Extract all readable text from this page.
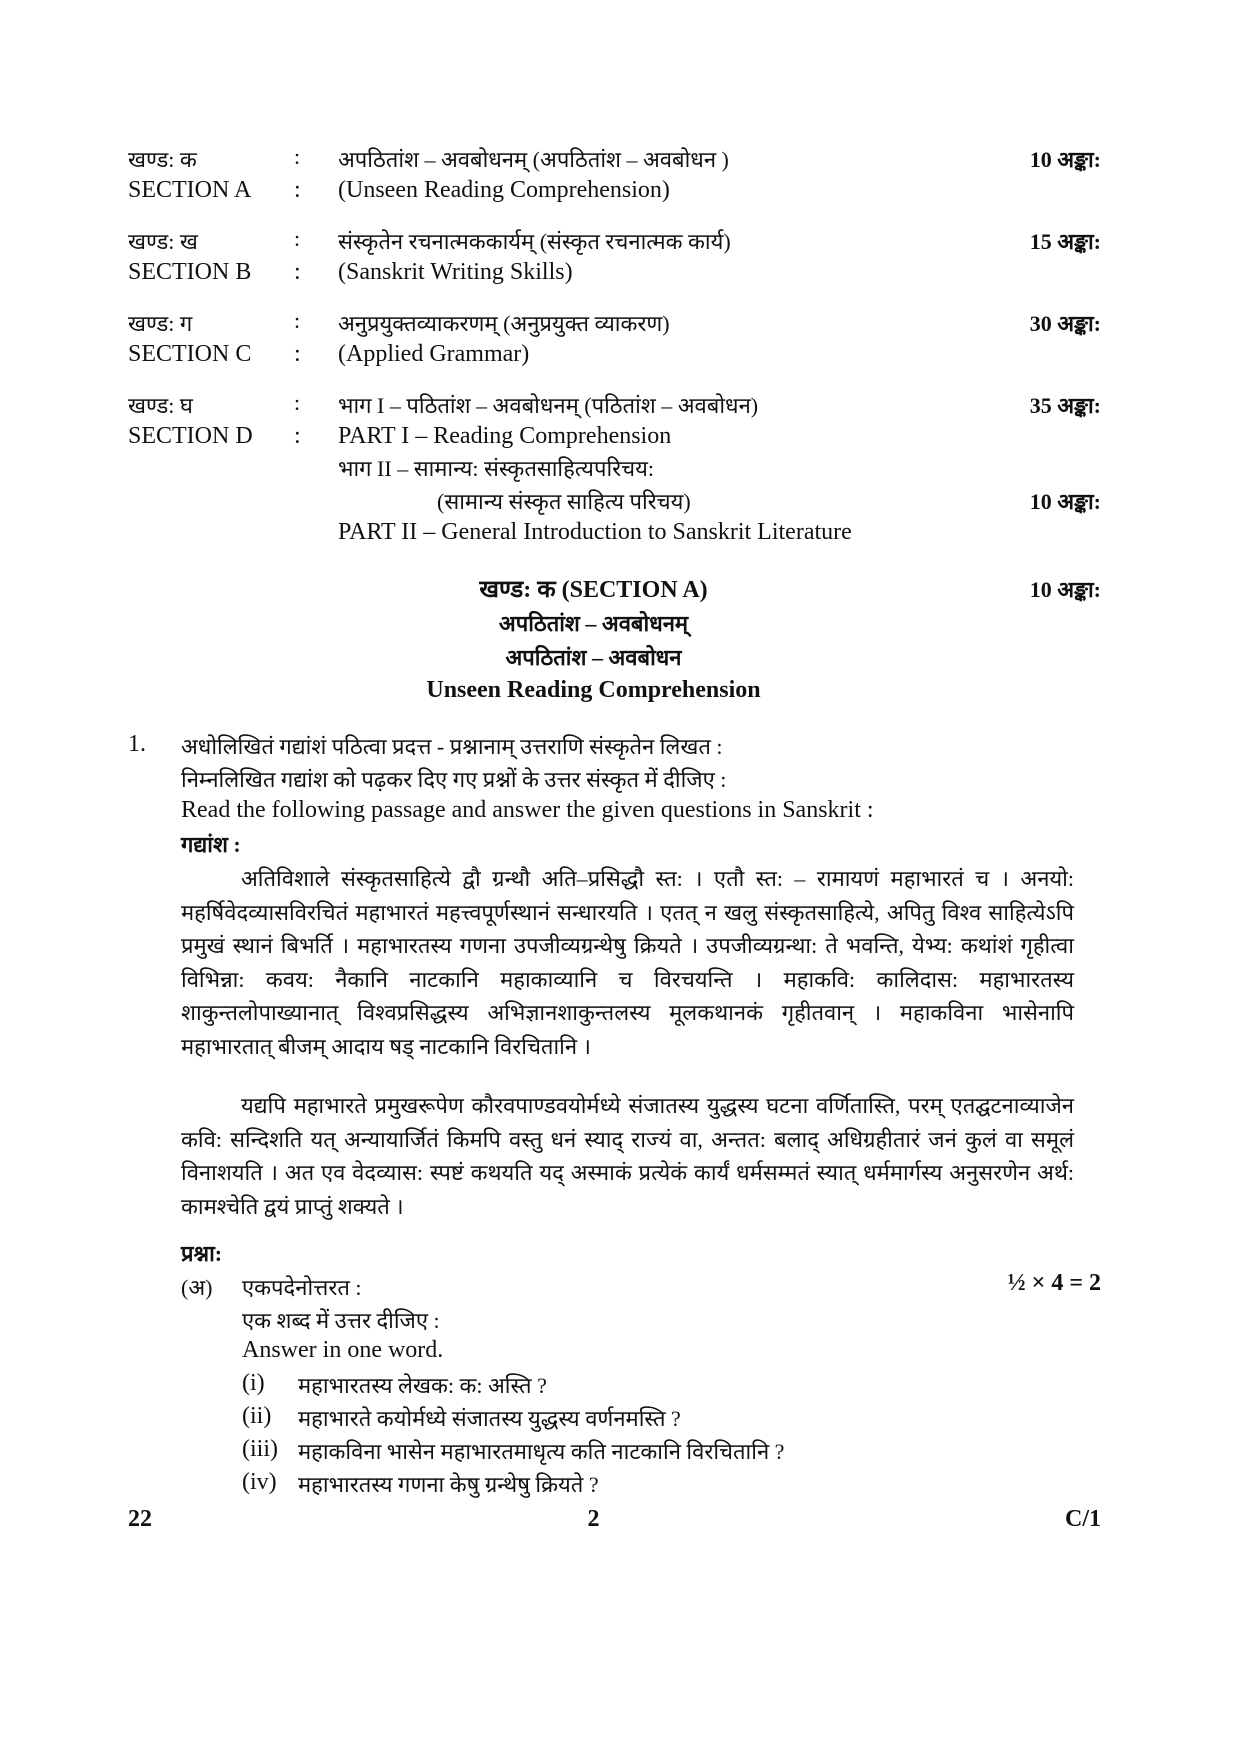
खण्ड: क	: अपठितांश – अवबोधनम् (अपठितांश – अवबोधन )	10 अङ्का:
SECTION A : (Unseen Reading Comprehension)
खण्ड: ख	: संस्कृतेन रचनात्मककार्यम् (संस्कृत रचनात्मक कार्य)	15 अङ्का:
SECTION B : (Sanskrit Writing Skills)
खण्ड: ग	: अनुप्रयुक्तव्याकरणम् (अनुप्रयुक्त व्याकरण)	30 अङ्का:
SECTION C : (Applied Grammar)
खण्ड: घ	: भाग I – पठितांश – अवबोधनम् (पठितांश – अवबोधन)	35 अङ्का:
SECTION D : PART I – Reading Comprehension
भाग II – सामान्य: संस्कृतसाहित्यपरिचय:
(सामान्य संस्कृत साहित्य परिचय)	10 अङ्का:
PART II – General Introduction to Sanskrit Literature
खण्ड: क (SECTION A)	10 अङ्का:
अपठितांश – अवबोधनम्
अपठितांश – अवबोधन
Unseen Reading Comprehension
1. अधोलिखितं गद्यांशं पठित्वा प्रदत्त - प्रश्नानाम् उत्तराणि संस्कृतेन लिखत :
निम्नलिखित गद्यांश को पढ़कर दिए गए प्रश्नों के उत्तर संस्कृत में दीजिए :
Read the following passage and answer the given questions in Sanskrit :
गद्यांश :
अतिविशाले संस्कृतसाहित्ये द्वौ ग्रन्थौ अति–प्रसिद्धौ स्त: । एतौ स्त: – रामायणं महाभारतं च । अनयो: महर्षिवेदव्यासविरचितं महाभारतं महत्त्वपूर्णस्थानं सन्धारयति । एतत् न खलु संस्कृतसाहित्ये, अपितु विश्व साहित्येऽपि प्रमुखं स्थानं बिभर्ति । महाभारतस्य गणना उपजीव्यग्रन्थेषु क्रियते । उपजीव्यग्रन्था: ते भवन्ति, येभ्य: कथांशं गृहीत्वा विभिन्ना: कवय: नैकानि नाटकानि महाकाव्यानि च विरचयन्ति । महाकवि: कालिदास: महाभारतस्य शाकुन्तलोपाख्यानात् विश्वप्रसिद्धस्य अभिज्ञानशाकुन्तलस्य मूलकथानकं गृहीतवान् । महाकविना भासेनापि महाभारतात् बीजम् आदाय षड् नाटकानि विरचितानि ।
यद्यपि महाभारते प्रमुखरूपेण कौरवपाण्डवयोर्मध्ये संजातस्य युद्धस्य घटना वर्णितास्ति, परम् एतद्घटनाव्याजेन कवि: सन्दिशति यत् अन्यायार्जितं किमपि वस्तु धनं स्याद् राज्यं वा, अन्तत: बलाद् अधिग्रहीतारं जनं कुलं वा समूलं विनाशयति । अत एव वेदव्यास: स्पष्टं कथयति यद् अस्माकं प्रत्येकं कार्यं धर्मसम्मतं स्यात् धर्ममार्गस्य अनुसरणेन अर्थ: कामश्चेति द्वयं प्राप्तुं शक्यते ।
प्रश्ना:
(अ) एकपदेनोत्तरत :	½ × 4 = 2
एक शब्द में उत्तर दीजिए :
Answer in one word.
(i) महाभारतस्य लेखक: क: अस्ति ?
(ii) महाभारते कयोर्मध्ये संजातस्य युद्धस्य वर्णनमस्ति ?
(iii) महाकविना भासेन महाभारतमाधृत्य कति नाटकानि विरचितानि ?
(iv) महाभारतस्य गणना केषु ग्रन्थेषु क्रियते ?
22	2	C/1
